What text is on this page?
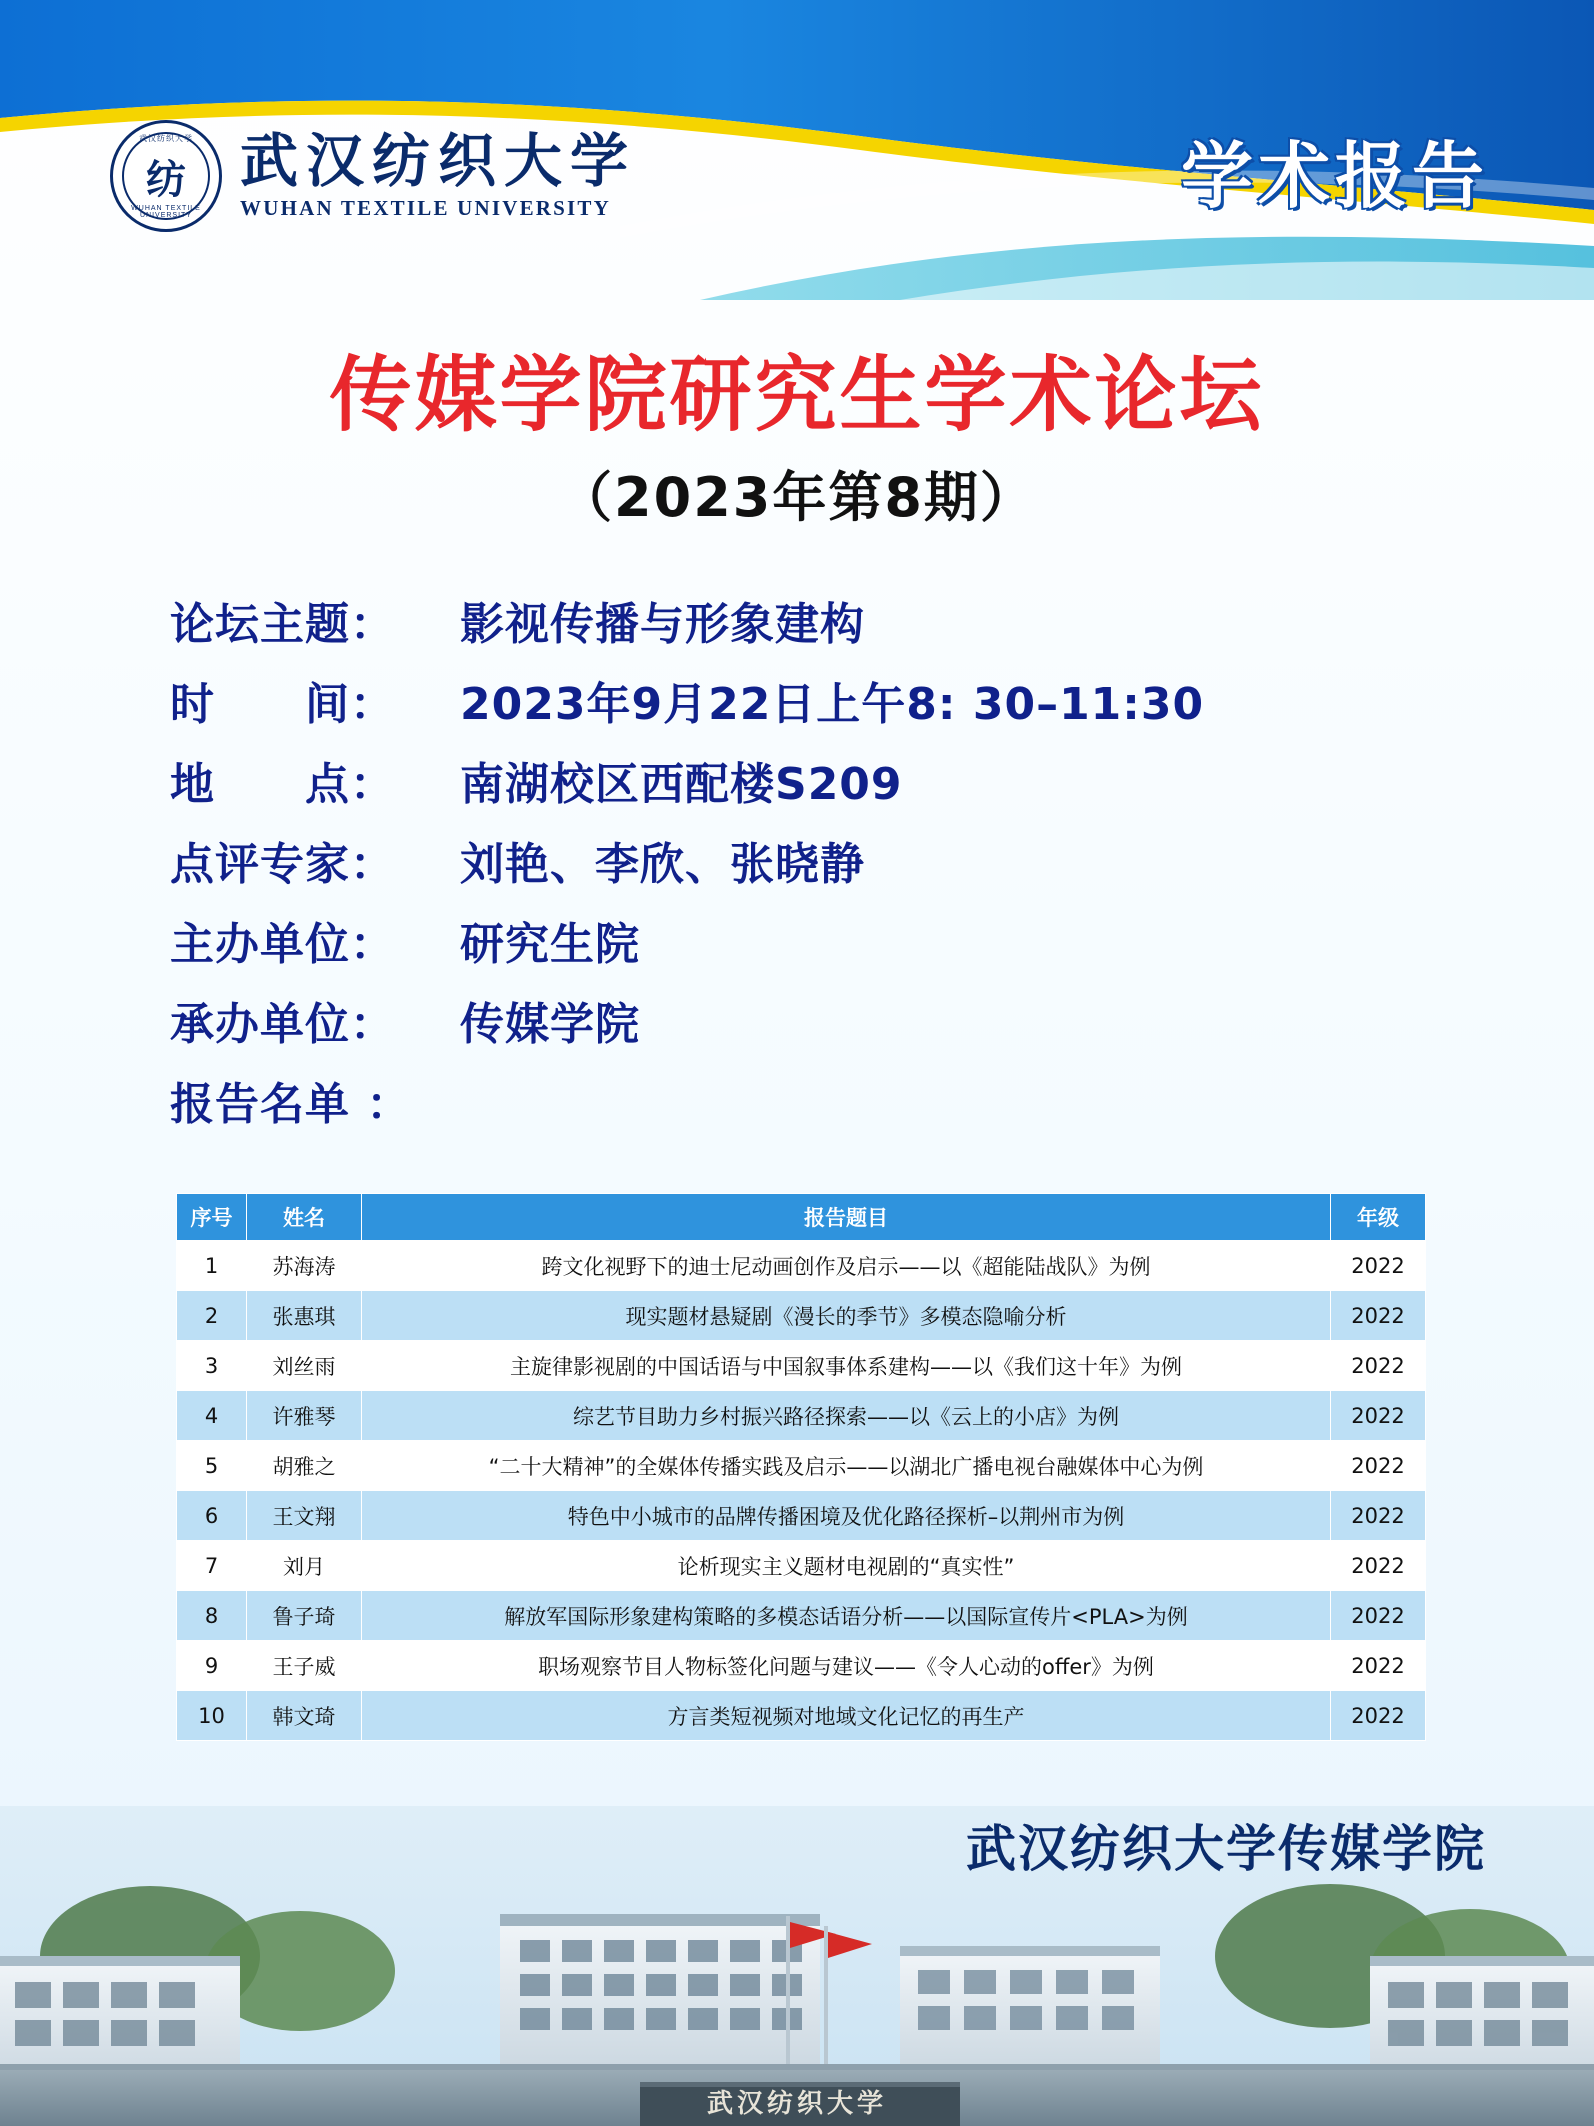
武汉纺织大学
纺
WUHAN TEXTILE UNIVERSITY
武汉纺织大学
WUHAN TEXTILE UNIVERSITY	学术报告
传媒学院研究生学术论坛
（2023年第8期）
论坛主题：	影视传播与形象建构
时　　间：	2023年9月22日上午8: 30–11:30
地　　点：	南湖校区西配楼S209
点评专家：	刘艳、李欣、张晓静
主办单位：	研究生院
承办单位：	传媒学院
报告名单 ：
序号	姓名	报告题目	年级
1	苏海涛	跨文化视野下的迪士尼动画创作及启示——以《超能陆战队》为例	2022
2	张惠琪	现实题材悬疑剧《漫长的季节》多模态隐喻分析	2022
3	刘丝雨	主旋律影视剧的中国话语与中国叙事体系建构——以《我们这十年》为例	2022
4	许雅琴	综艺节目助力乡村振兴路径探索——以《云上的小店》为例	2022
5	胡雅之	“二十大精神”的全媒体传播实践及启示——以湖北广播电视台融媒体中心为例	2022
6	王文翔	特色中小城市的品牌传播困境及优化路径探析–以荆州市为例	2022
7	刘月	论析现实主义题材电视剧的“真实性”	2022
8	鲁子琦	解放军国际形象建构策略的多模态话语分析——以国际宣传片<PLA>为例	2022
9	王子威	职场观察节目人物标签化问题与建议——《令人心动的offer》为例	2022
10	韩文琦	方言类短视频对地域文化记忆的再生产	2022
武汉纺织大学传媒学院
武汉纺织大学
